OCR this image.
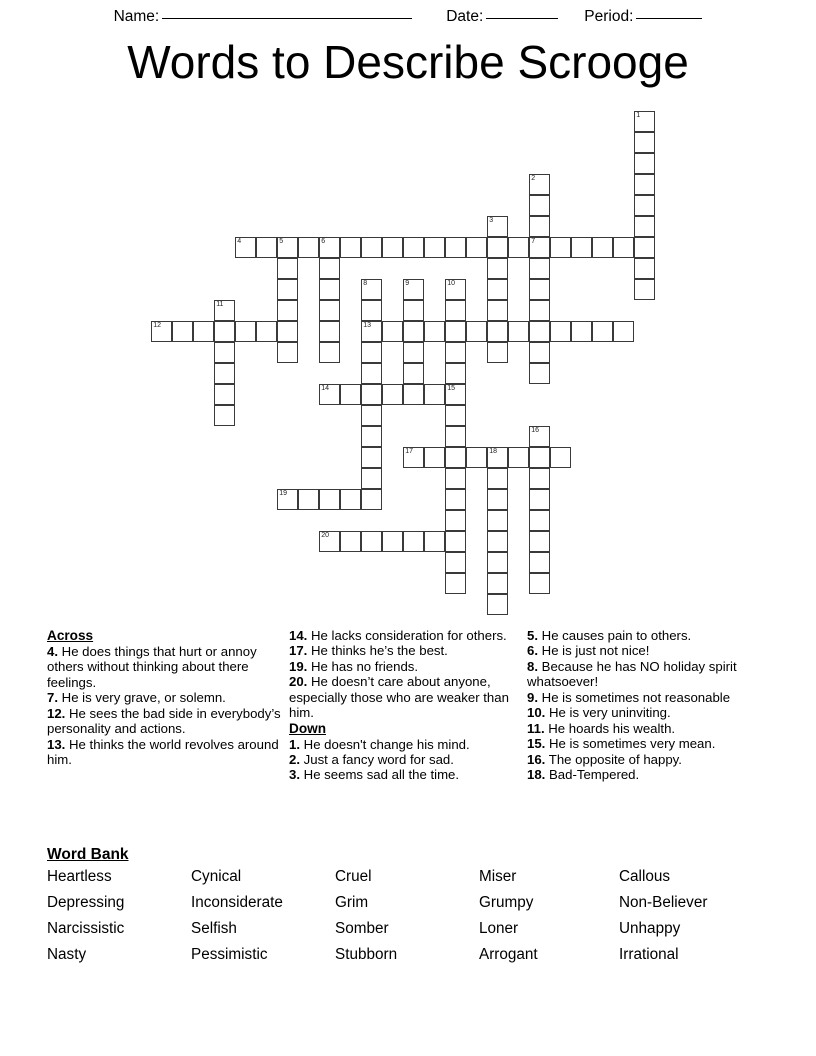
Name:	Date:	Period:
Words to Describe Scrooge
1
2
7
3
4	5	6
8
13
9	10
15
11
12
14
16
17	18
19
20
Across
4. He does things that hurt or annoy others without thinking about there feelings.
7. He is very grave, or solemn.
12. He sees the bad side in everybody’s personality and actions.
13. He thinks the world revolves around him.
14. He lacks consideration for others.
17. He thinks he’s the best.
19. He has no friends.
20. He doesn’t care about anyone, especially those who are weaker than him.
Down
1. He doesn't change his mind.
2. Just a fancy word for sad.
3. He seems sad all the time.
5. He causes pain to others.
6. He is just not nice!
8. Because he has NO holiday spirit whatsoever!
9. He is sometimes not reasonable
10. He is very uninviting.
11. He hoards his wealth.
15. He is sometimes very mean.
16. The opposite of happy.
18. Bad-Tempered.
Word Bank
Heartless	Cynical	Cruel	Miser	Callous
Depressing	Inconsiderate	Grim	Grumpy	Non-Believer
Narcissistic	Selfish	Somber	Loner	Unhappy
Nasty	Pessimistic	Stubborn	Arrogant	Irrational
